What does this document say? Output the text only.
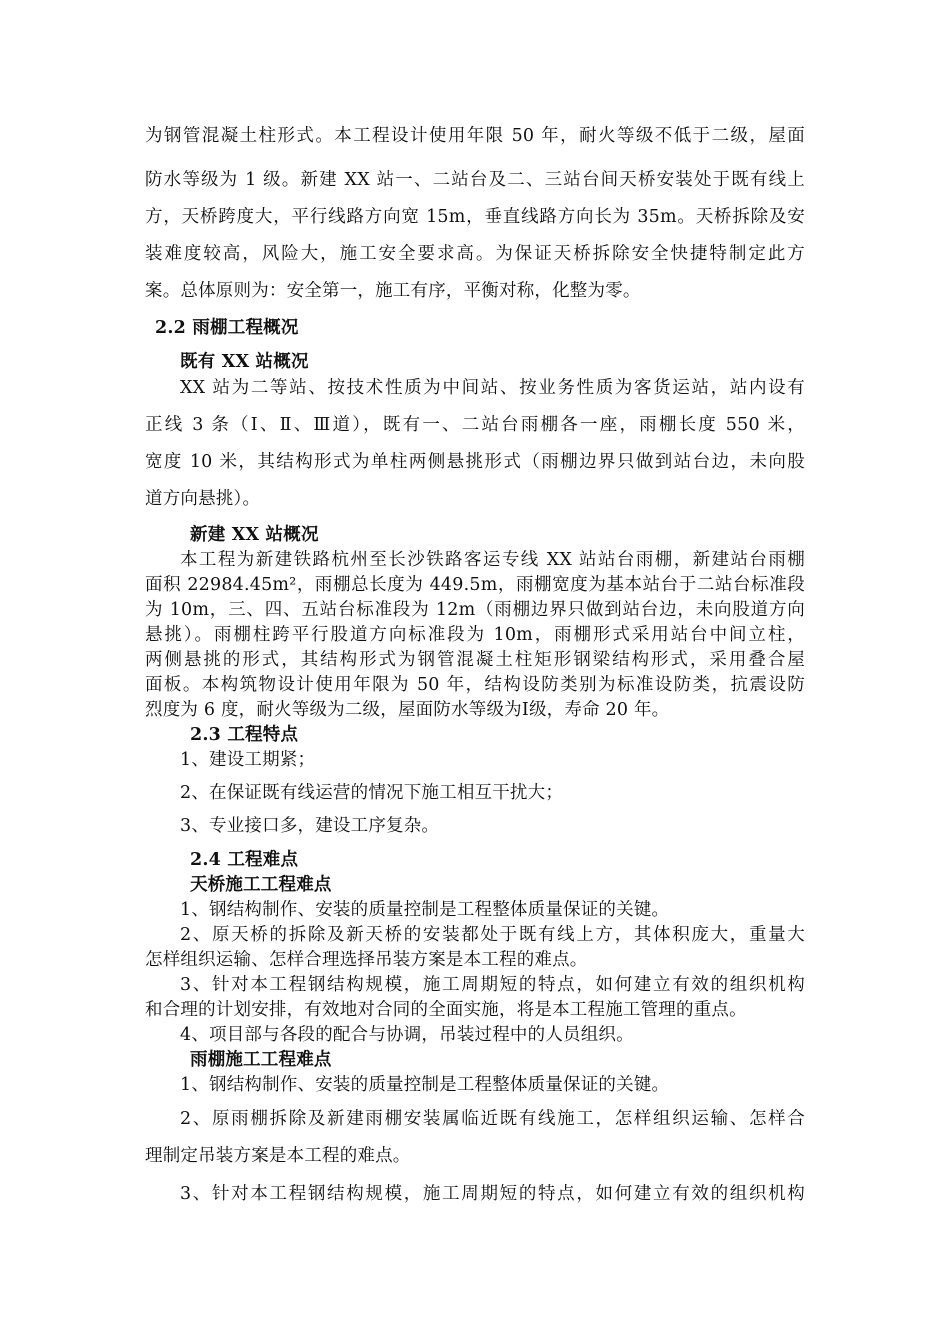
为钢管混凝土柱形式。本工程设计使用年限 50 年，耐火等级不低于二级，屋面
防水等级为 1 级。新建 XX 站一、二站台及二、三站台间天桥安装处于既有线上
方，天桥跨度大，平行线路方向宽 15m，垂直线路方向长为 35m。天桥拆除及安
装难度较高，风险大，施工安全要求高。为保证天桥拆除安全快捷特制定此方
案。总体原则为：安全第一，施工有序，平衡对称，化整为零。
2.2 雨棚工程概况
既有 XX 站概况
XX 站为二等站、按技术性质为中间站、按业务性质为客货运站，站内设有
正线 3 条（Ⅰ、Ⅱ、Ⅲ道），既有一、二站台雨棚各一座，雨棚长度 550 米，
宽度 10 米，其结构形式为单柱两侧悬挑形式（雨棚边界只做到站台边，未向股
道方向悬挑）。
新建 XX 站概况
本工程为新建铁路杭州至长沙铁路客运专线 XX 站站台雨棚，新建站台雨棚
面积 22984.45m²，雨棚总长度为 449.5m，雨棚宽度为基本站台于二站台标准段
为 10m，三、四、五站台标准段为 12m（雨棚边界只做到站台边，未向股道方向
悬挑）。雨棚柱跨平行股道方向标准段为 10m，雨棚形式采用站台中间立柱，
两侧悬挑的形式，其结构形式为钢管混凝土柱矩形钢梁结构形式，采用叠合屋
面板。本构筑物设计使用年限为 50 年，结构设防类别为标准设防类，抗震设防
烈度为 6 度，耐火等级为二级，屋面防水等级为Ⅰ级，寿命 20 年。
2.3 工程特点
1、建设工期紧；
2、在保证既有线运营的情况下施工相互干扰大；
3、专业接口多，建设工序复杂。
2.4 工程难点
天桥施工工程难点
1、钢结构制作、安装的质量控制是工程整体质量保证的关键。
2、原天桥的拆除及新天桥的安装都处于既有线上方，其体积庞大，重量大
怎样组织运输、怎样合理选择吊装方案是本工程的难点。
3、针对本工程钢结构规模，施工周期短的特点，如何建立有效的组织机构
和合理的计划安排，有效地对合同的全面实施，将是本工程施工管理的重点。
4、项目部与各段的配合与协调，吊装过程中的人员组织。
雨棚施工工程难点
1、钢结构制作、安装的质量控制是工程整体质量保证的关键。
2、原雨棚拆除及新建雨棚安装属临近既有线施工，怎样组织运输、怎样合
理制定吊装方案是本工程的难点。
3、针对本工程钢结构规模，施工周期短的特点，如何建立有效的组织机构
